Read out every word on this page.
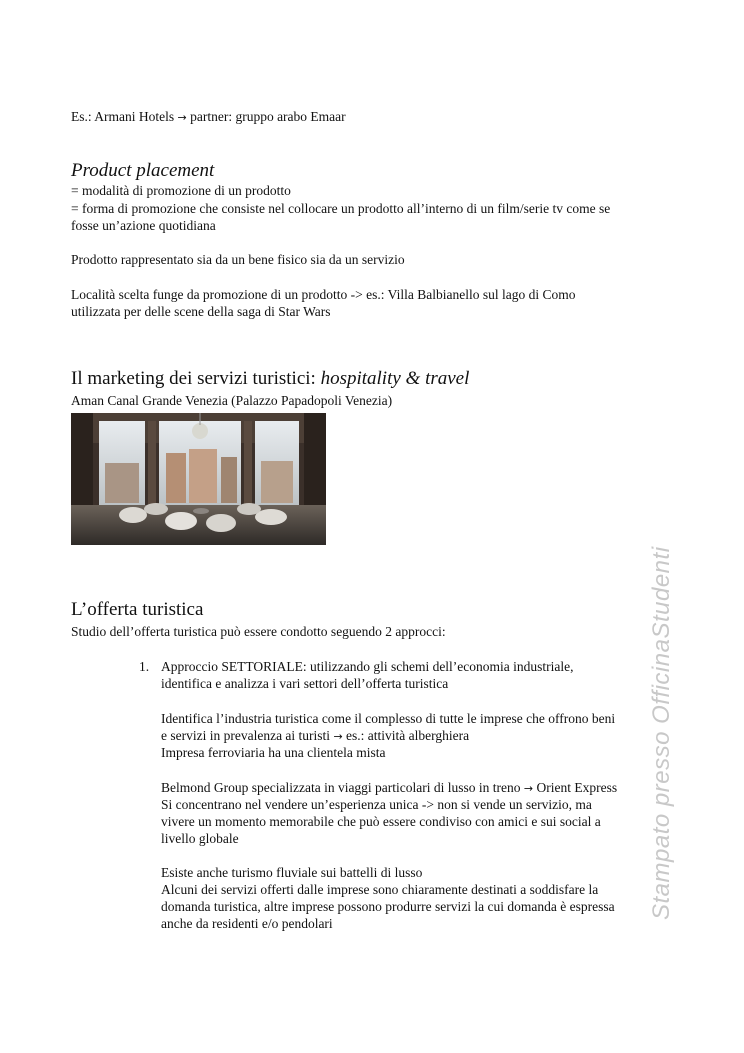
Es.: Armani Hotels → partner: gruppo arabo Emaar

Product placement

= modalità di promozione di un prodotto

= forma di promozione che consiste nel collocare un prodotto all’interno di un film/serie tv come se

fosse un’azione quotidiana

Prodotto rappresentato sia da un bene fisico sia da un servizio

Località scelta funge da promozione di un prodotto -> es.: Villa Balbianello sul lago di Como

utilizzata per delle scene della saga di Star Wars

Il marketing dei servizi turistici: hospitality & travel

Aman Canal Grande Venezia (Palazzo Papadopoli Venezia)

L’offerta turistica

Studio dell’offerta turistica può essere condotto seguendo 2 approcci:

1. Approccio SETTORIALE: utilizzando gli schemi dell’economia industriale,

identifica e analizza i vari settori dell’offerta turistica

Identifica l’industria turistica come il complesso di tutte le imprese che offrono beni

e servizi in prevalenza ai turisti → es.: attività alberghiera

Impresa ferroviaria ha una clientela mista

Belmond Group specializzata in viaggi particolari di lusso in treno → Orient Express

Si concentrano nel vendere un’esperienza unica -> non si vende un servizio, ma

vivere un momento memorabile che può essere condiviso con amici e sui social a

livello globale

Esiste anche turismo fluviale sui battelli di lusso

Alcuni dei servizi offerti dalle imprese sono chiaramente destinati a soddisfare la

domanda turistica, altre imprese possono produrre servizi la cui domanda è espressa

anche da residenti e/o pendolari

Stampato presso OfficinaStudenti
